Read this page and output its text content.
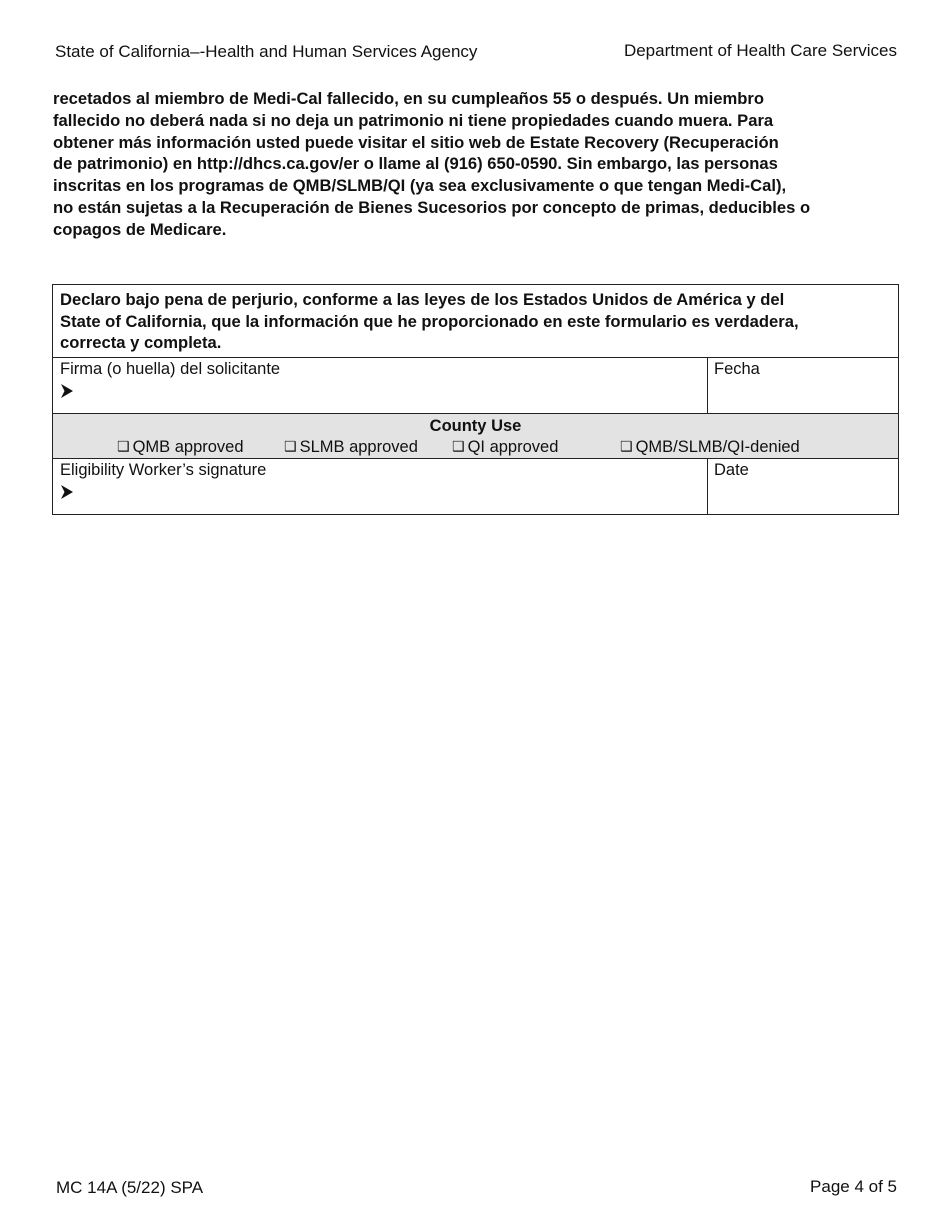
State of California–-Health and Human Services Agency	Department of Health Care Services
recetados al miembro de Medi-Cal fallecido, en su cumpleaños 55 o después. Un miembro
fallecido no deberá nada si no deja un patrimonio ni tiene propiedades cuando muera. Para
obtener más información usted puede visitar el sitio web de Estate Recovery (Recuperación
de patrimonio) en http://dhcs.ca.gov/er o llame al (916) 650-0590. Sin embargo, las personas
inscritas en los programas de QMB/SLMB/QI (ya sea exclusivamente o que tengan Medi-Cal),
no están sujetas a la Recuperación de Bienes Sucesorios por concepto de primas, deducibles o
copagos de Medicare.
Declaro bajo pena de perjurio, conforme a las leyes de los Estados Unidos de América y del
State of California, que la información que he proporcionado en este formulario es verdadera,
correcta y completa.	

Firma (o huella) del solicitante	Fecha

County Use
❑ QMB approved ❑ SLMB approved ❑ QI approved ❑ QMB/SLMB/QI-denied	

Eligibility Worker’s signature	Date
MC 14A (5/22) SPA	Page 4 of 5
